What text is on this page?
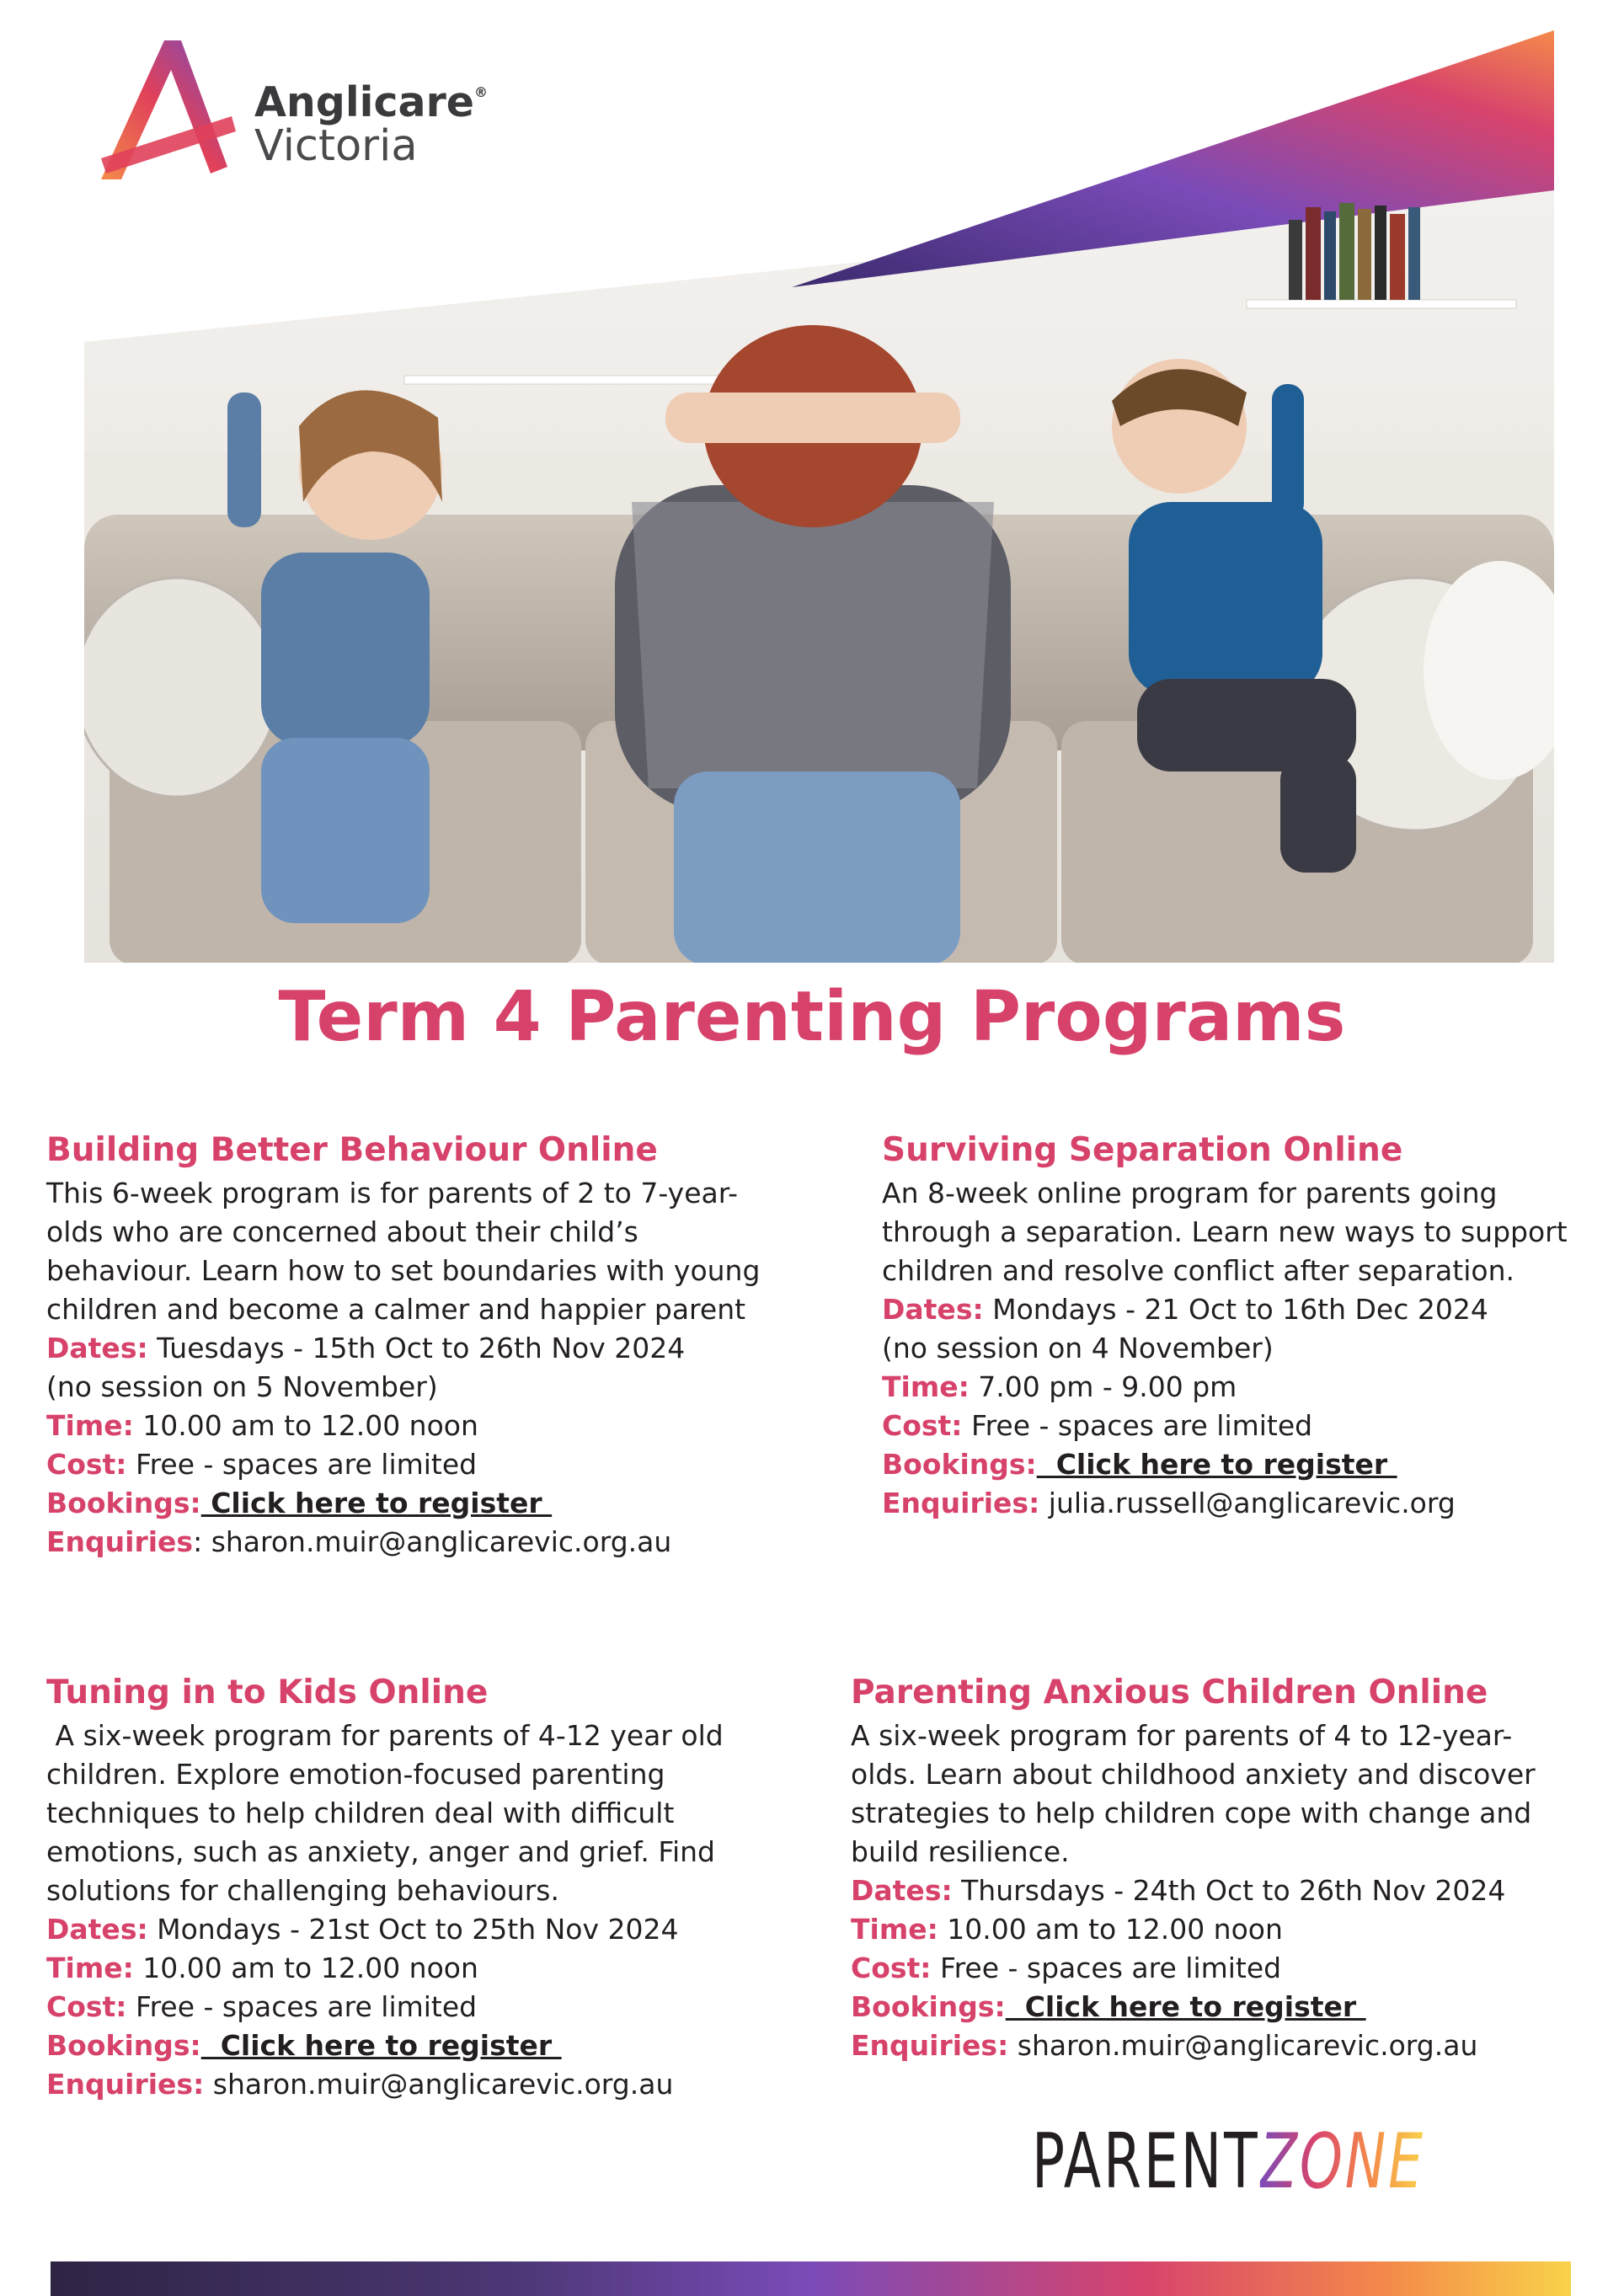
Anglicare®
Victoria
Term 4 Parenting Programs
Building Better Behaviour Online

This 6-week program is for parents of 2 to 7-year-olds who are concerned about their child’s behaviour. Learn how to set boundaries with young children and become a calmer and happier parent

Dates: Tuesdays - 15th Oct to 26th Nov 2024

(no session on 5 November)

Time: 10.00 am to 12.00 noon

Cost: Free - spaces are limited

Bookings: Click here to register

Enquiries: sharon.muir@anglicarevic.org.au

Surviving Separation Online

An 8-week online program for parents going through a separation. Learn new ways to support children and resolve conflict after separation.

Dates: Mondays - 21 Oct to 16th Dec 2024

(no session on 4 November)

Time: 7.00 pm - 9.00 pm

Cost: Free - spaces are limited

Bookings:  Click here to register

Enquiries: julia.russell@anglicarevic.org

Tuning in to Kids Online

A six-week program for parents of 4-12 year old children. Explore emotion-focused parenting techniques to help children deal with difficult emotions, such as anxiety, anger and grief. Find solutions for challenging behaviours.

Dates: Mondays - 21st Oct to 25th Nov 2024

Time: 10.00 am to 12.00 noon

Cost: Free - spaces are limited

Bookings:  Click here to register

Enquiries: sharon.muir@anglicarevic.org.au

Parenting Anxious Children Online

A six-week program for parents of 4 to 12-year-olds. Learn about childhood anxiety and discover strategies to help children cope with change and build resilience.

Dates: Thursdays - 24th Oct to 26th Nov 2024

Time: 10.00 am to 12.00 noon

Cost: Free - spaces are limited

Bookings:  Click here to register

Enquiries: sharon.muir@anglicarevic.org.au

PARENTZONE
